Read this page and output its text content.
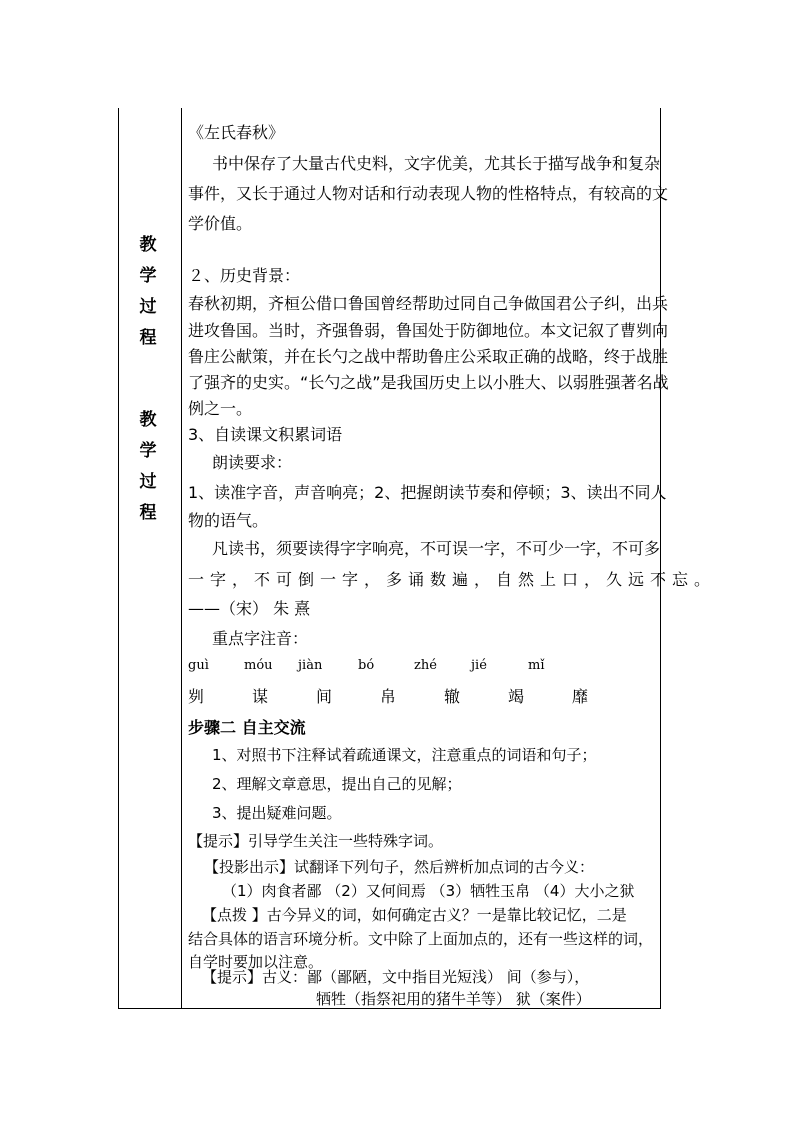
教
学
过
程
教
学
过
程
《左氏春秋》
书中保存了大量古代史料，文字优美，尤其长于描写战争和复杂
事件，又长于通过人物对话和行动表现人物的性格特点，有较高的文
学价值。
２、历史背景：
春秋初期，齐桓公借口鲁国曾经帮助过同自己争做国君公子纠，出兵
进攻鲁国。当时，齐强鲁弱，鲁国处于防御地位。本文记叙了曹刿向
鲁庄公献策，并在长勺之战中帮助鲁庄公采取正确的战略，终于战胜
了强齐的史实。“长勺之战”是我国历史上以小胜大、以弱胜强著名战
例之一。
3、自读课文积累词语
朗读要求：
1、读准字音，声音响亮；2、把握朗读节奏和停顿；3、读出不同人
物的语气。
凡读书，须要读得字字响亮，不可误一字，不可少一字，不可多
一字，不可倒一字，多诵数遍，自然上口，久远不忘。
——（宋） 朱 熹
重点字注音：
guì	móu jiàn	bó	zhé	jié	mǐ
刿	谋	间	帛	辙	竭	靡
步骤二 自主交流
1、对照书下注释试着疏通课文，注意重点的词语和句子；
2、理解文章意思，提出自己的见解；
3、提出疑难问题。
【提示】引导学生关注一些特殊字词。
【投影出示】试翻译下列句子，然后辨析加点词的古今义：
（1）肉食者鄙 （2）又何间焉 （3）牺牲玉帛 （4）大小之狱
【点拨 】古今异义的词，如何确定古义？一是靠比较记忆，二是
结合具体的语言环境分析。文中除了上面加点的，还有一些这样的词，
自学时要加以注意。
【提示】古义：鄙（鄙陋，文中指目光短浅） 间（参与），
牺牲（指祭祀用的猪牛羊等） 狱（案件）
